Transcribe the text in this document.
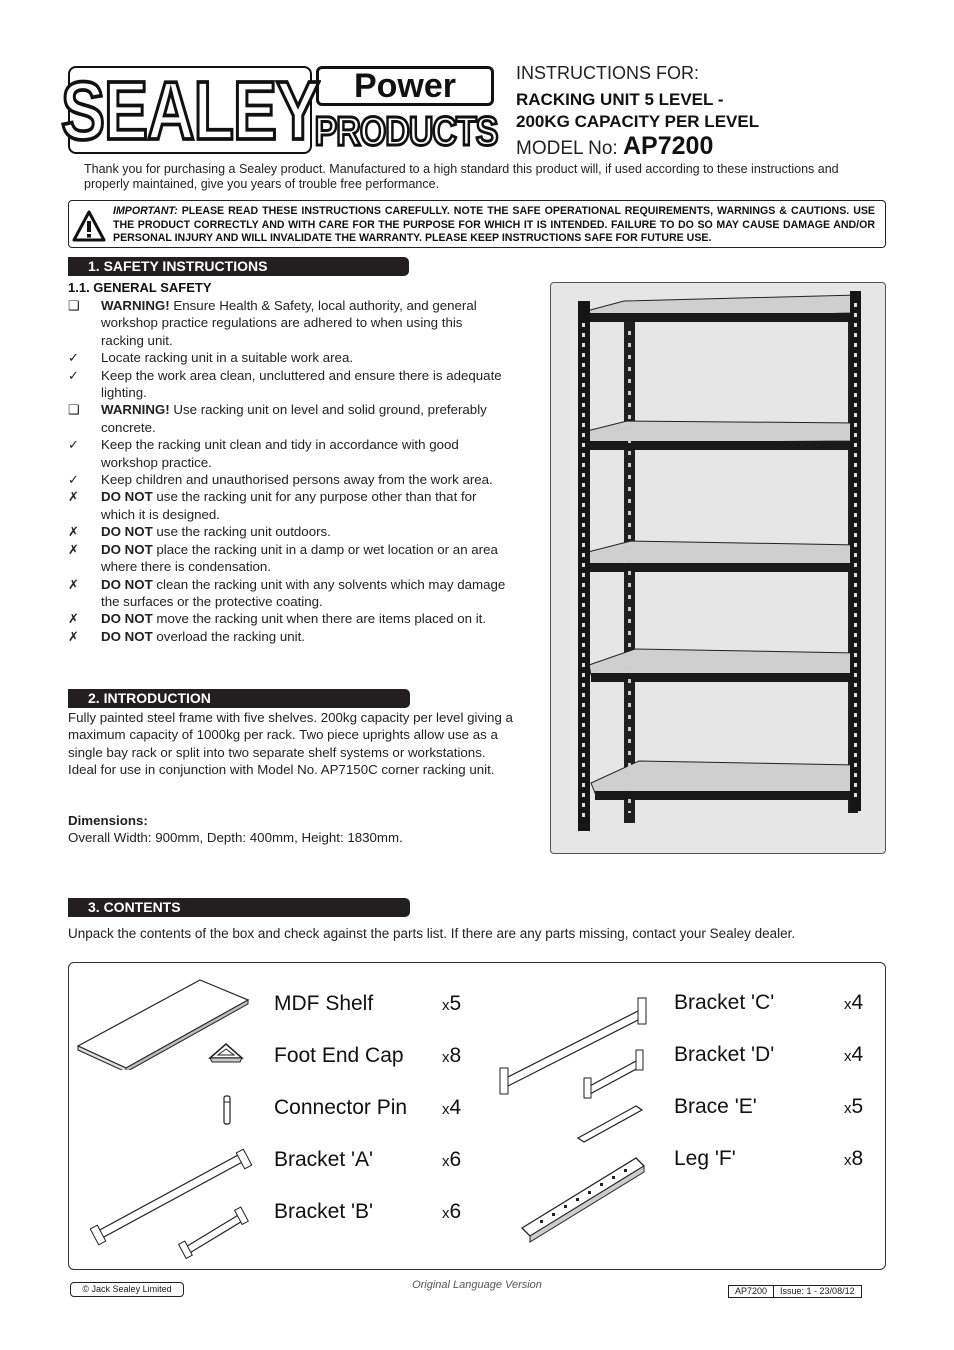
SEALEY Power
PRODUCTS
INSTRUCTIONS FOR:
RACKING UNIT 5 LEVEL -
200KG CAPACITY PER LEVEL
MODEL No: AP7200
Thank you for purchasing a Sealey product. Manufactured to a high standard this product will, if used according to these instructions and properly maintained, give you years of trouble free performance.
IMPORTANT: PLEASE READ THESE INSTRUCTIONS CAREFULLY. NOTE THE SAFE OPERATIONAL REQUIREMENTS, WARNINGS & CAUTIONS. USE THE PRODUCT CORRECTLY AND WITH CARE FOR THE PURPOSE FOR WHICH IT IS INTENDED. FAILURE TO DO SO MAY CAUSE DAMAGE AND/OR PERSONAL INJURY AND WILL INVALIDATE THE WARRANTY. PLEASE KEEP INSTRUCTIONS SAFE FOR FUTURE USE.
1. SAFETY INSTRUCTIONS
1.1. GENERAL SAFETY
❑	WARNING! Ensure Health & Safety, local authority, and general workshop practice regulations are adhered to when using this racking unit.
✓	Locate racking unit in a suitable work area.
✓	Keep the work area clean, uncluttered and ensure there is adequate lighting.
❑	WARNING! Use racking unit on level and solid ground, preferably concrete.
✓	Keep the racking unit clean and tidy in accordance with good workshop practice.
✓	Keep children and unauthorised persons away from the work area.
✗	DO NOT use the racking unit for any purpose other than that for which it is designed.
✗	DO NOT use the racking unit outdoors.
✗	DO NOT place the racking unit in a damp or wet location or an area where there is condensation.
✗	DO NOT clean the racking unit with any solvents which may damage the surfaces or the protective coating.
✗	DO NOT move the racking unit when there are items placed on it.
✗	DO NOT overload the racking unit.
2. INTRODUCTION
Fully painted steel frame with five shelves. 200kg capacity per level giving a maximum capacity of 1000kg per rack. Two piece uprights allow use as a single bay rack or split into two separate shelf systems or workstations. Ideal for use in conjunction with Model No. AP7150C corner racking unit.
Dimensions:
Overall Width: 900mm, Depth: 400mm, Height: 1830mm.
3. CONTENTS
Unpack the contents of the box and check against the parts list. If there are any parts missing, contact your Sealey dealer.
MDF Shelf	x5
Foot End Cap	x8
Connector Pin x4
Bracket 'A'	x6
Bracket 'B'	x6
Bracket 'C'	x4
Bracket 'D'	x4
Brace 'E'	x5
Leg 'F'	x8
© Jack Sealey Limited	Original Language Version	AP7200	Issue: 1 - 23/08/12
